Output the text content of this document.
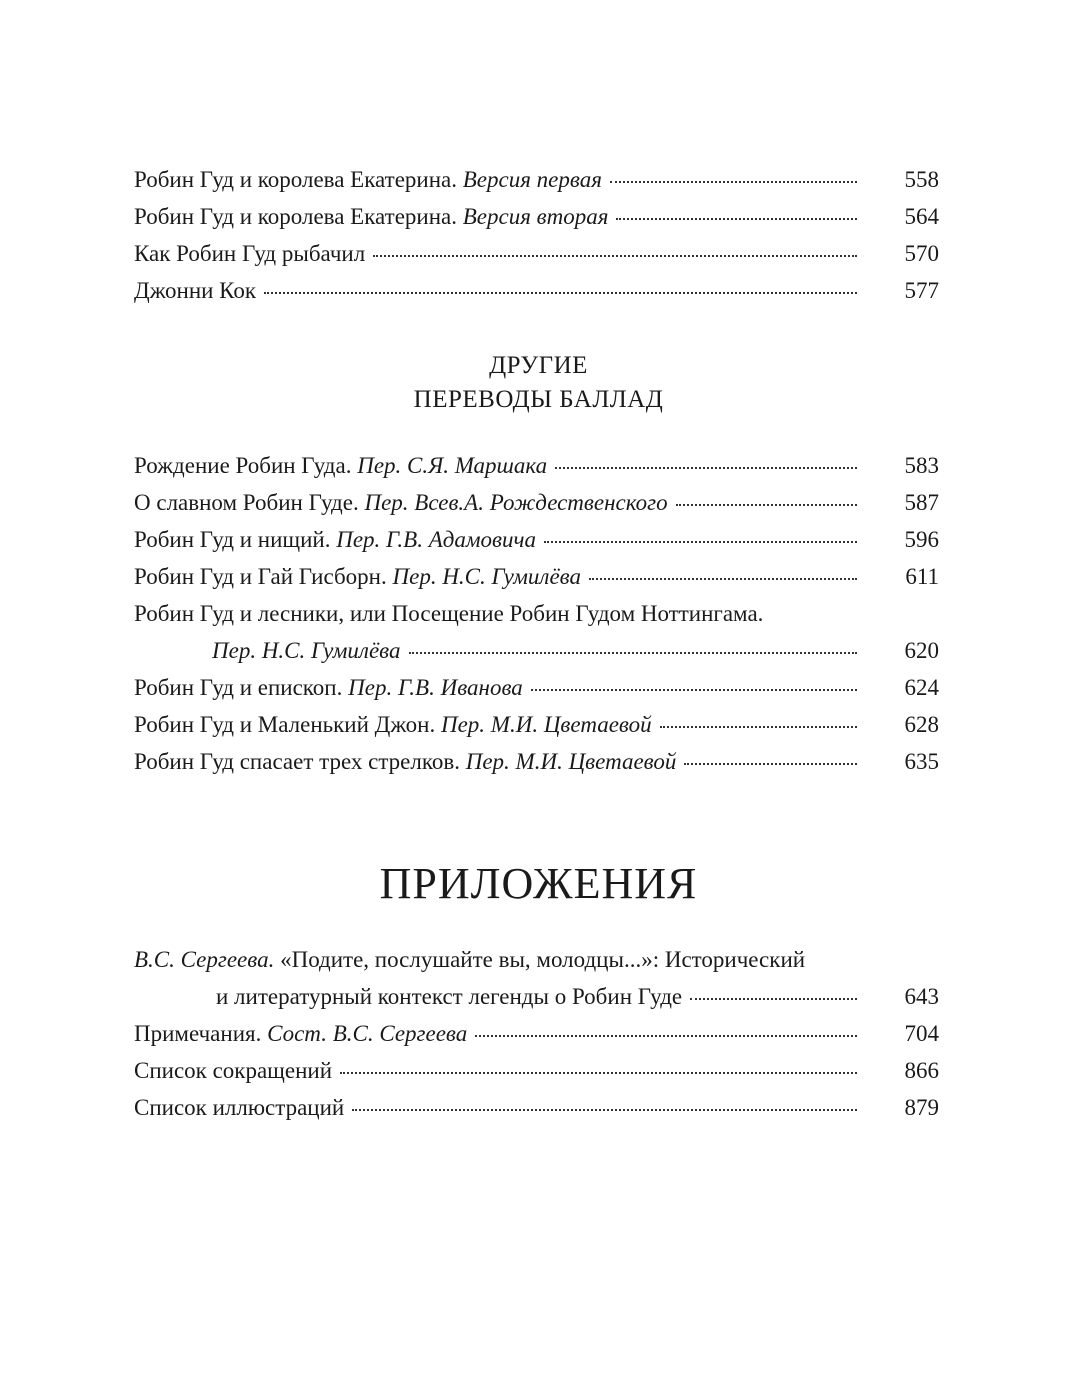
Робин Гуд и королева Екатерина. Версия первая	558
Робин Гуд и королева Екатерина. Версия вторая	564
Как Робин Гуд рыбачил	570
Джонни Кок	577
ДРУГИЕ
ПЕРЕВОДЫ БАЛЛАД
Рождение Робин Гуда. Пер. С.Я. Маршака	583
О славном Робин Гуде. Пер. Всев.А. Рождественского	587
Робин Гуд и нищий. Пер. Г.В. Адамовича	596
Робин Гуд и Гай Гисборн. Пер. Н.С. Гумилёва	611
Робин Гуд и лесники, или Посещение Робин Гудом Ноттингама.
Пер. Н.С. Гумилёва	620
Робин Гуд и епископ. Пер. Г.В. Иванова	624
Робин Гуд и Маленький Джон. Пер. М.И. Цветаевой	628
Робин Гуд спасает трех стрелков. Пер. М.И. Цветаевой	635
ПРИЛОЖЕНИЯ
В.С. Сергеева. «Подите, послушайте вы, молодцы...»: Исторический
и литературный контекст легенды о Робин Гуде	643
Примечания. Сост. В.С. Сергеева	704
Список сокращений	866
Список иллюстраций	879
